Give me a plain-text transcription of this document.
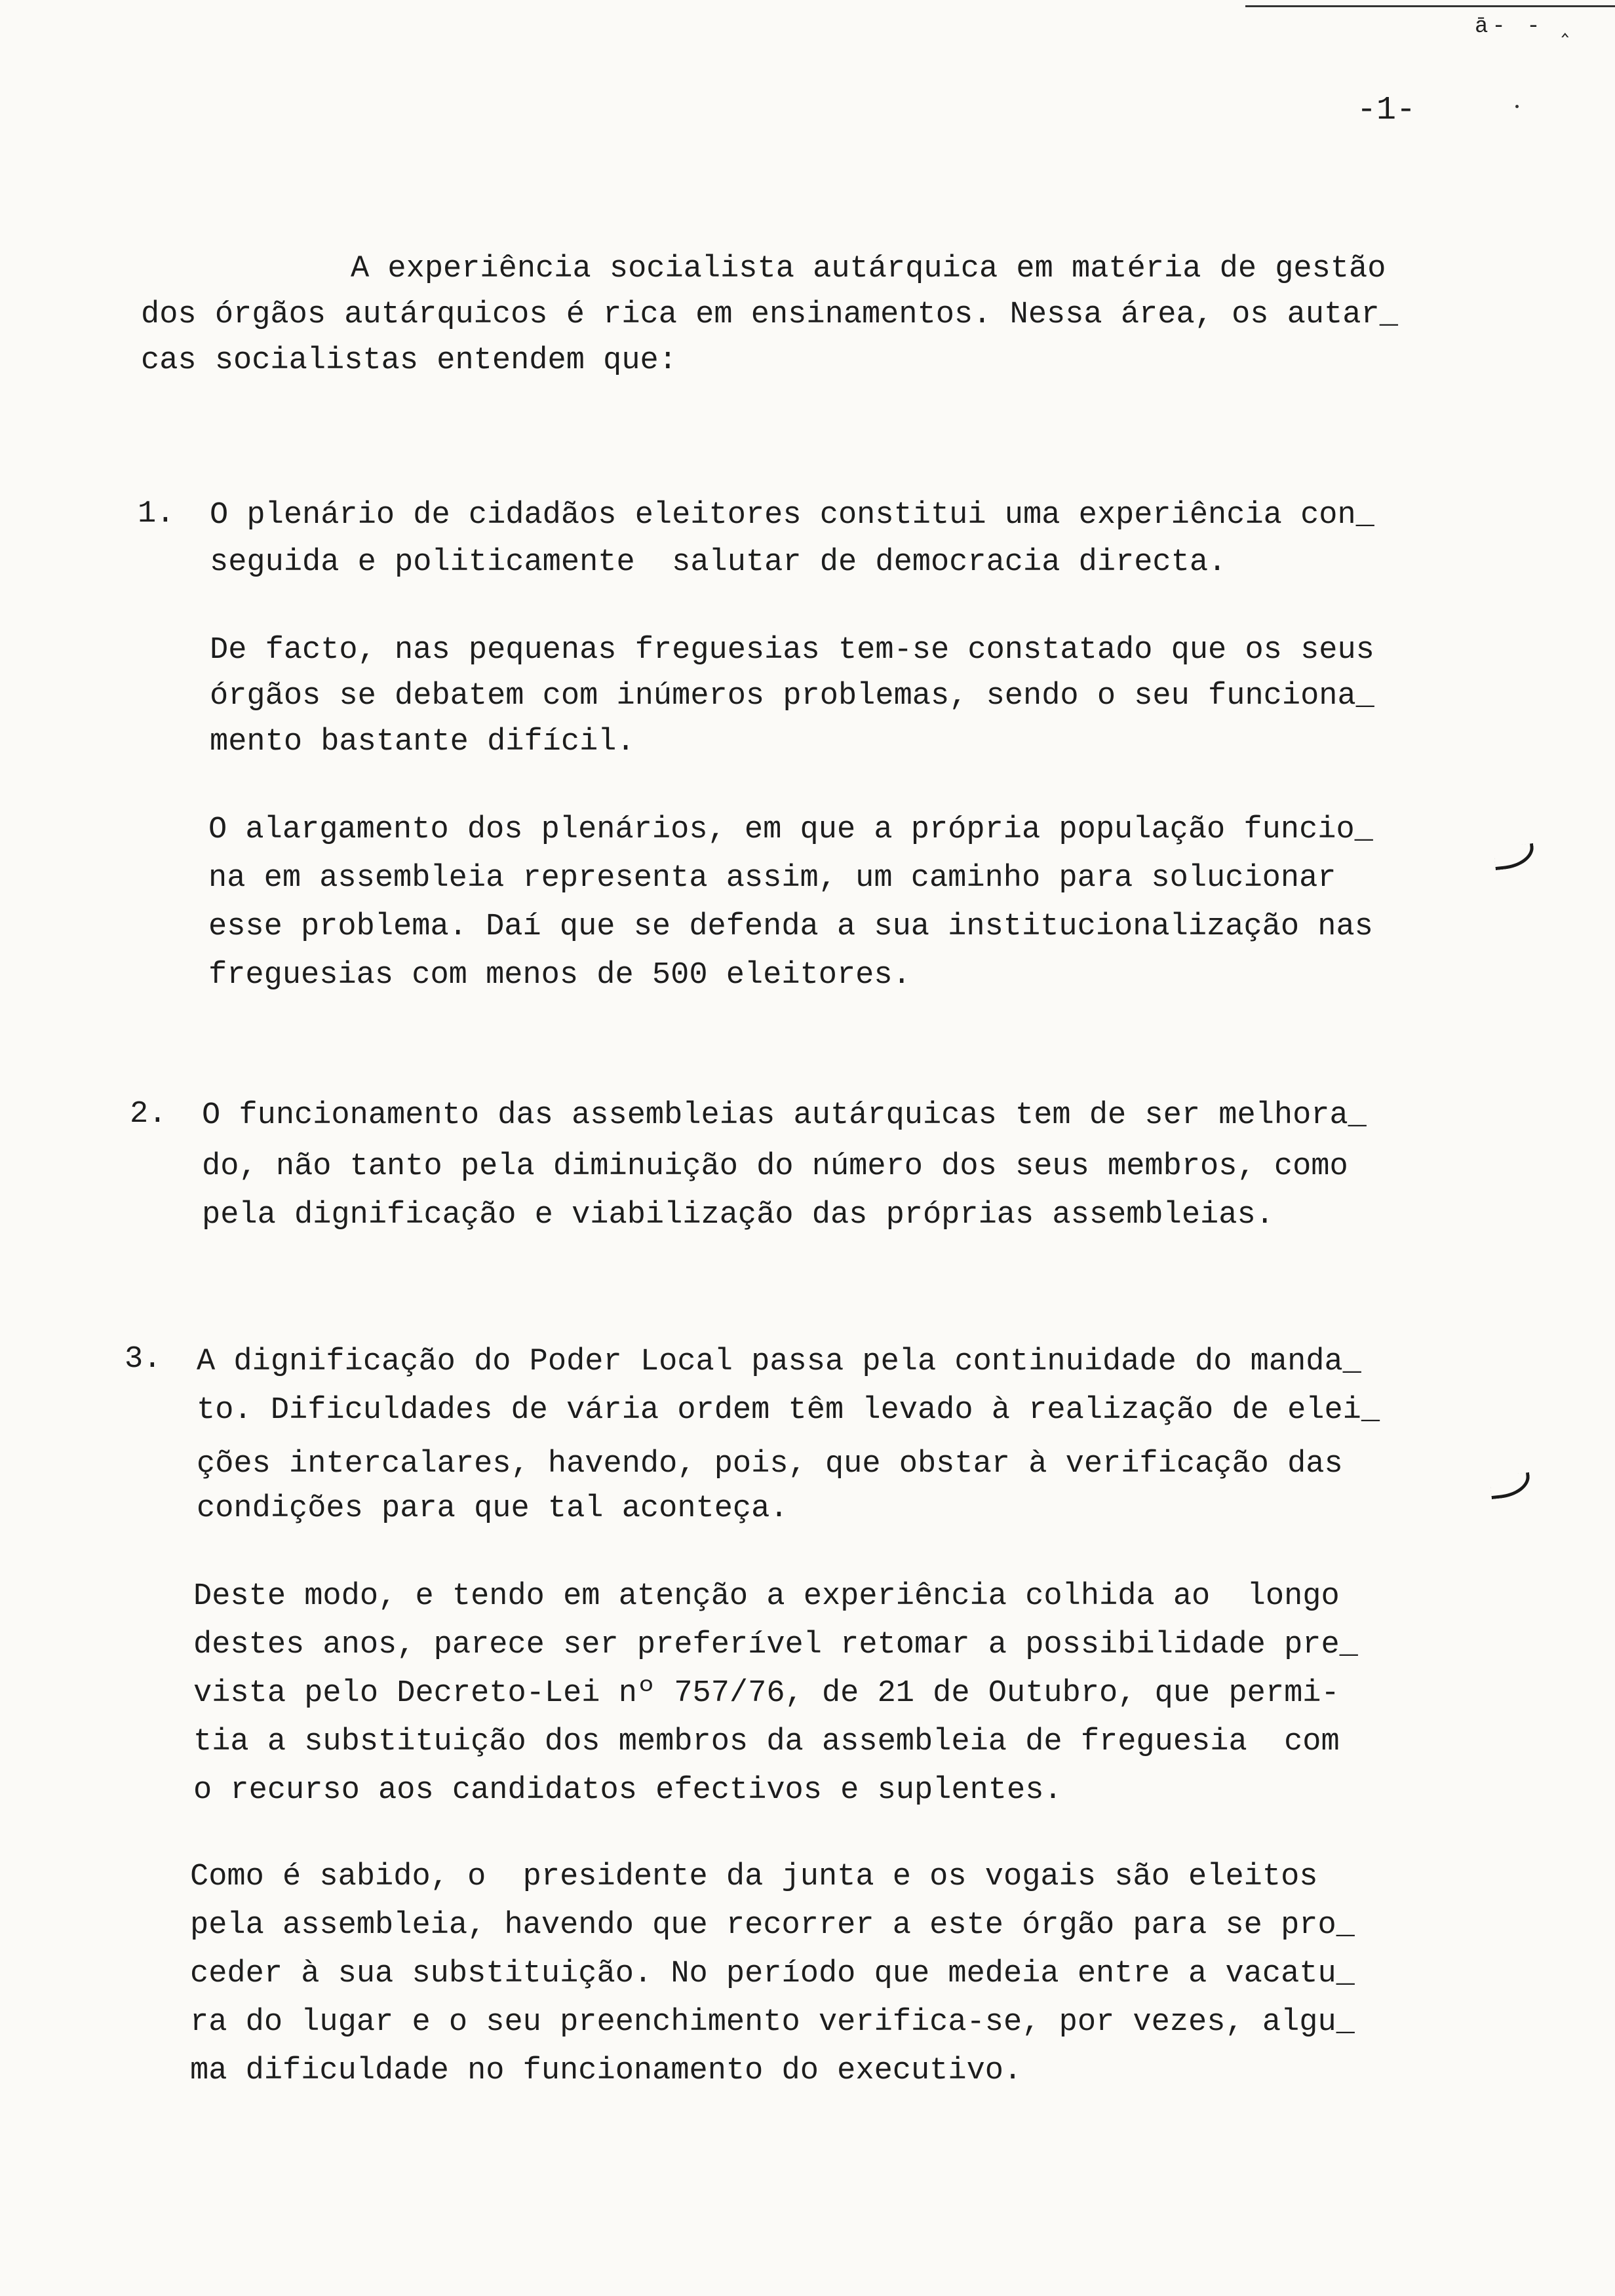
ā- - ‸
-1-

A experiência socialista autárquica em matéria de gestão

dos órgãos autárquicos é rica em ensinamentos. Nessa área, os autar_

cas socialistas entendem que:

1. O plenário de cidadãos eleitores constitui uma experiência con_

seguida e politicamente  salutar de democracia directa.

De facto, nas pequenas freguesias tem-se constatado que os seus

órgãos se debatem com inúmeros problemas, sendo o seu funciona_

mento bastante difícil.

O alargamento dos plenários, em que a própria população funcio_

na em assembleia representa assim, um caminho para solucionar

esse problema. Daí que se defenda a sua institucionalização nas

freguesias com menos de 500 eleitores.

2. O funcionamento das assembleias autárquicas tem de ser melhora_

do, não tanto pela diminuição do número dos seus membros, como

pela dignificação e viabilização das próprias assembleias.

3. A dignificação do Poder Local passa pela continuidade do manda_

to. Dificuldades de vária ordem têm levado à realização de elei_

ções intercalares, havendo, pois, que obstar à verificação das

condições para que tal aconteça.

Deste modo, e tendo em atenção a experiência colhida ao  longo

destes anos, parece ser preferível retomar a possibilidade pre_

vista pelo Decreto-Lei nº 757/76, de 21 de Outubro, que permi-

tia a substituição dos membros da assembleia de freguesia  com

o recurso aos candidatos efectivos e suplentes.

Como é sabido, o  presidente da junta e os vogais são eleitos

pela assembleia, havendo que recorrer a este órgão para se pro_

ceder à sua substituição. No período que medeia entre a vacatu_

ra do lugar e o seu preenchimento verifica-se, por vezes, algu_

ma dificuldade no funcionamento do executivo.
